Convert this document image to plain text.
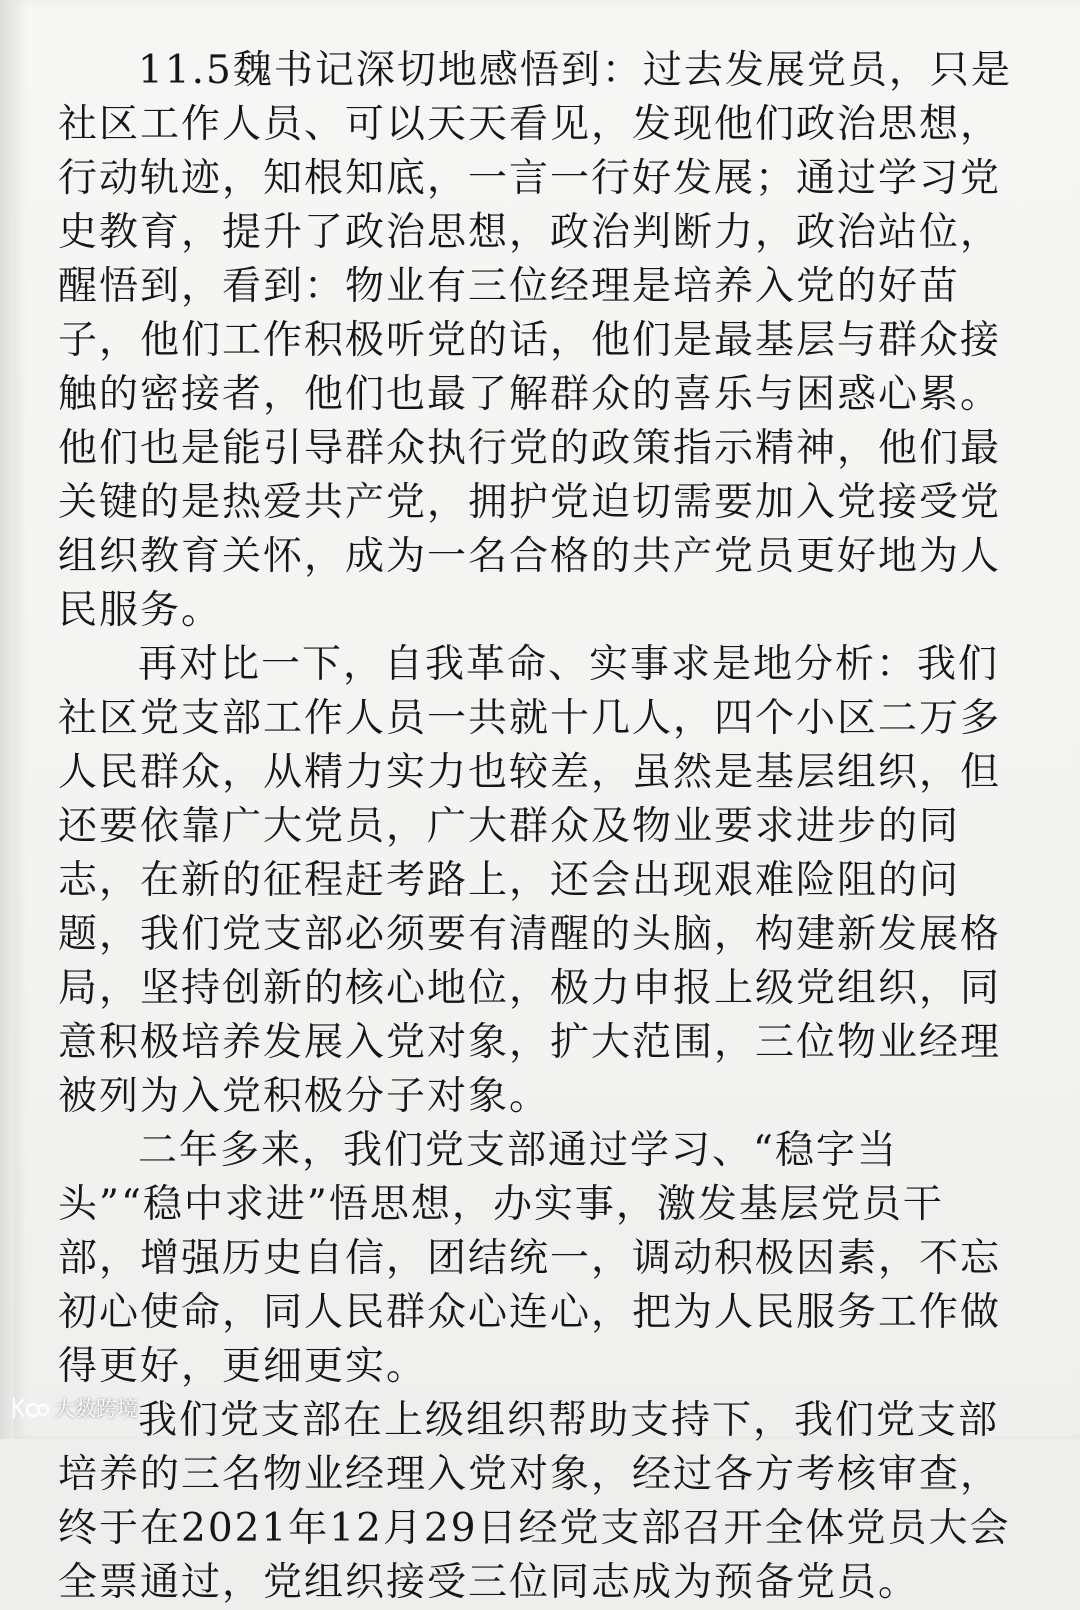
11.5魏书记深切地感悟到：过去发展党员，只是社区工作人员、可以天天看见，发现他们政治思想，行动轨迹，知根知底，一言一行好发展；通过学习党史教育，提升了政治思想，政治判断力，政治站位，醒悟到，看到：物业有三位经理是培养入党的好苗子，他们工作积极听党的话，他们是最基层与群众接触的密接者，他们也最了解群众的喜乐与困惑心累。他们也是能引导群众执行党的政策指示精神，他们最关键的是热爱共产党，拥护党迫切需要加入党接受党组织教育关怀，成为一名合格的共产党员更好地为人民服务。

再对比一下，自我革命、实事求是地分析：我们社区党支部工作人员一共就十几人，四个小区二万多人民群众，从精力实力也较差，虽然是基层组织，但还要依靠广大党员，广大群众及物业要求进步的同志，在新的征程赶考路上，还会出现艰难险阻的问题，我们党支部必须要有清醒的头脑，构建新发展格局，坚持创新的核心地位，极力申报上级党组织，同意积极培养发展入党对象，扩大范围，三位物业经理被列为入党积极分子对象。

二年多来，我们党支部通过学习、“稳字当头”“稳中求进”悟思想，办实事，激发基层党员干部，增强历史自信，团结统一，调动积极因素，不忘初心使命，同人民群众心连心，把为人民服务工作做得更好，更细更实。

我们党支部在上级组织帮助支持下，我们党支部培养的三名物业经理入党对象，经过各方考核审查，终于在2021年12月29日经党支部召开全体党员大会全票通过，党组织接受三位同志成为预备党员。

大数跨境
